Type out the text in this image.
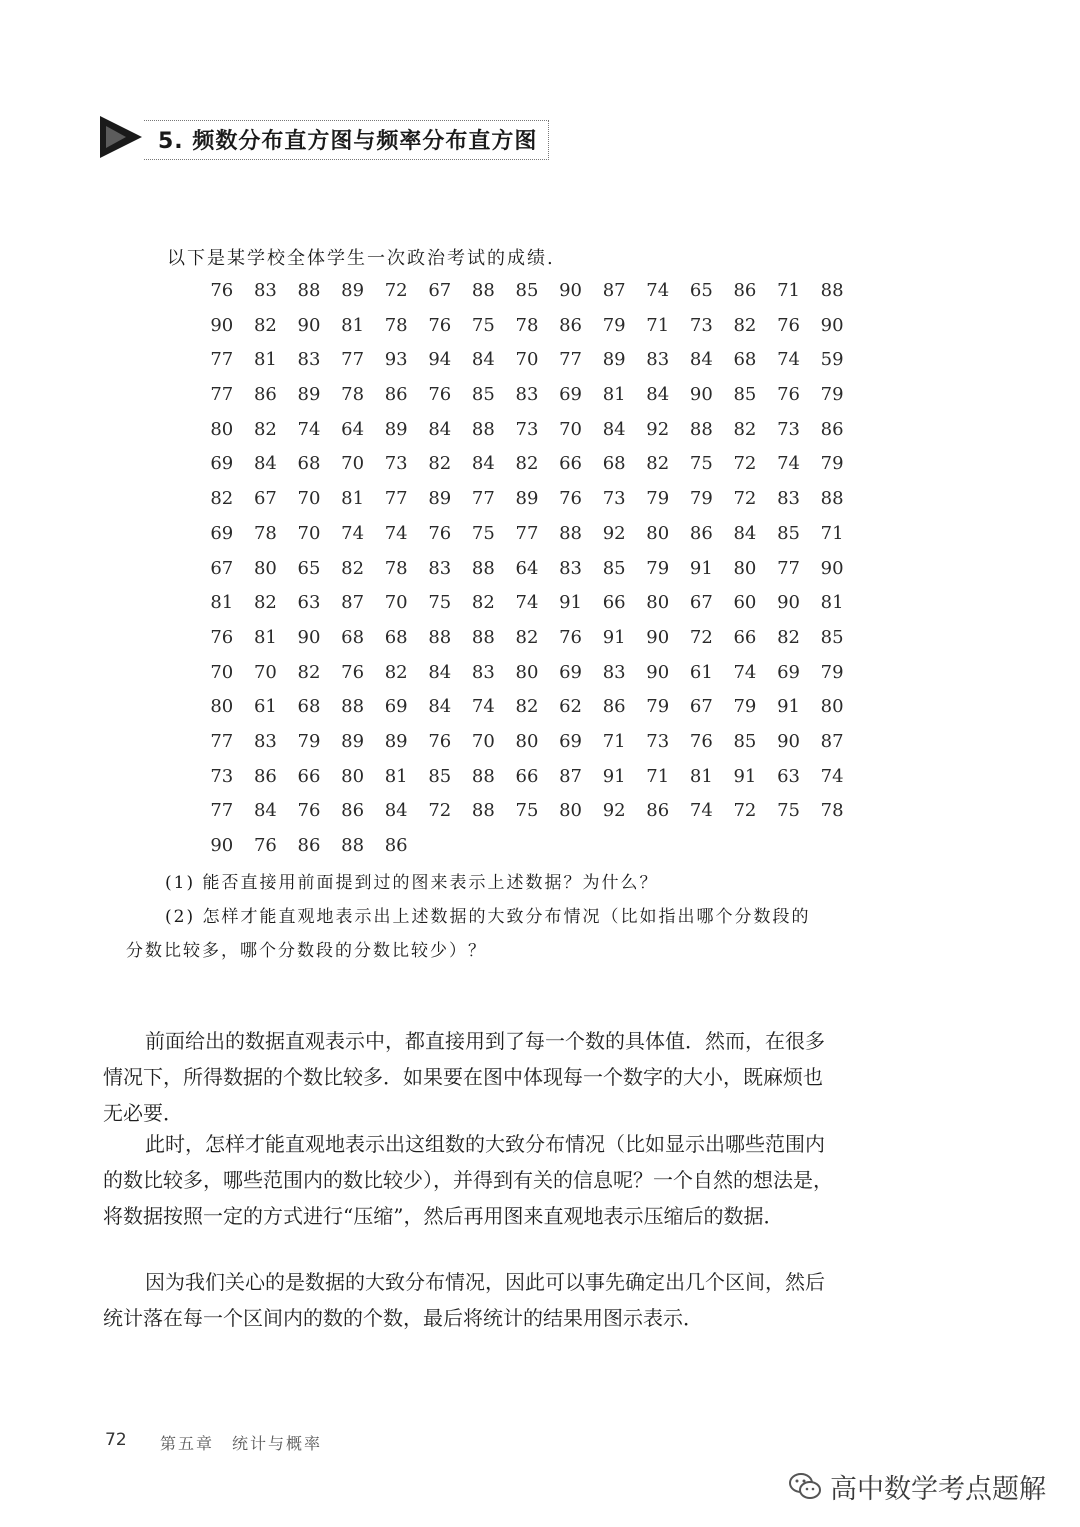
5. 频数分布直方图与频率分布直方图
以下是某学校全体学生一次政治考试的成绩.
76	83	88	89	72	67	88	85	90	87	74	65	86	71	88
90	82	90	81	78	76	75	78	86	79	71	73	82	76	90
77	81	83	77	93	94	84	70	77	89	83	84	68	74	59
77	86	89	78	86	76	85	83	69	81	84	90	85	76	79
80	82	74	64	89	84	88	73	70	84	92	88	82	73	86
69	84	68	70	73	82	84	82	66	68	82	75	72	74	79
82	67	70	81	77	89	77	89	76	73	79	79	72	83	88
69	78	70	74	74	76	75	77	88	92	80	86	84	85	71
67	80	65	82	78	83	88	64	83	85	79	91	80	77	90
81	82	63	87	70	75	82	74	91	66	80	67	60	90	81
76	81	90	68	68	88	88	82	76	91	90	72	66	82	85
70	70	82	76	82	84	83	80	69	83	90	61	74	69	79
80	61	68	88	69	84	74	82	62	86	79	67	79	91	80
77	83	79	89	89	76	70	80	69	71	73	76	85	90	87
73	86	66	80	81	85	88	66	87	91	71	81	91	63	74
77	84	76	86	84	72	88	75	80	92	86	74	72	75	78
90	76	86	88	86
(1) 能否直接用前面提到过的图来表示上述数据？为什么？
(2) 怎样才能直观地表示出上述数据的大致分布情况（比如指出哪个分数段的
分数比较多，哪个分数段的分数比较少）？

前面给出的数据直观表示中，都直接用到了每一个数的具体值．然而，在很多情况下，所得数据的个数比较多．如果要在图中体现每一个数字的大小，既麻烦也无必要．

此时，怎样才能直观地表示出这组数的大致分布情况（比如显示出哪些范围内的数比较多，哪些范围内的数比较少），并得到有关的信息呢？一个自然的想法是，将数据按照一定的方式进行“压缩”，然后再用图来直观地表示压缩后的数据．

因为我们关心的是数据的大致分布情况，因此可以事先确定出几个区间，然后统计落在每一个区间内的数的个数，最后将统计的结果用图示表示．

72 第五章　统计与概率
高中数学考点题解
